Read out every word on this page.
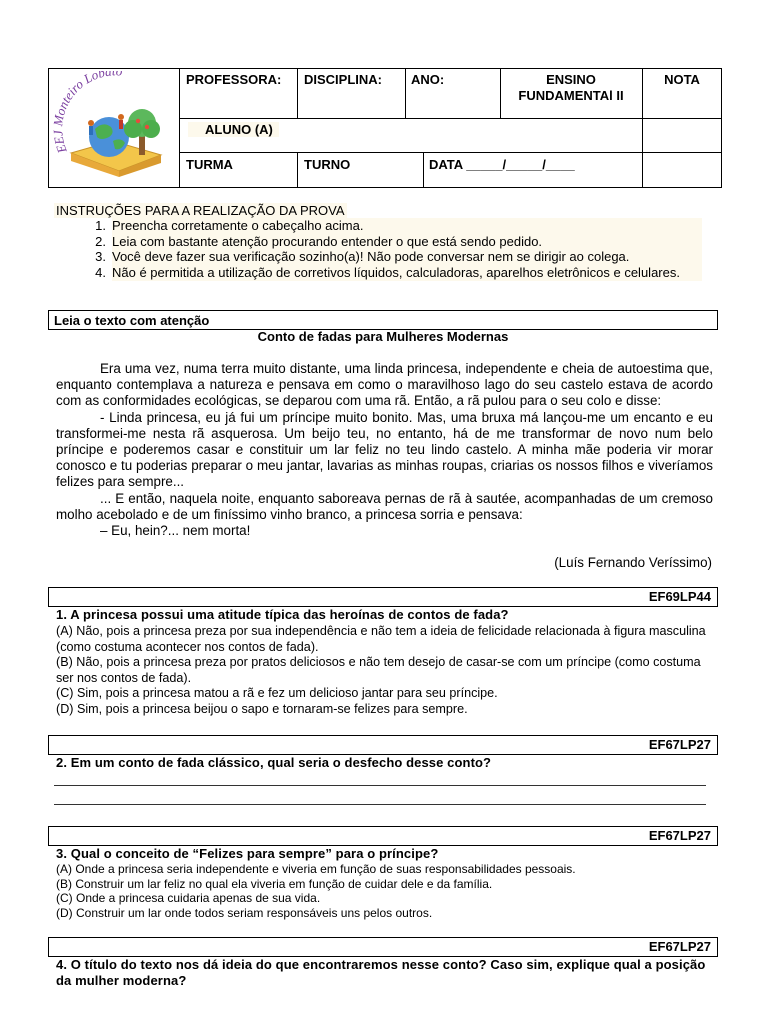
E onteiro Loba
PROFESSORA: DISCIPLINA: ANO:	ENSINO FUNDAMENTAl II
NOTA
ALUNO (A)
TURMA	TURNO	DATA _____/_____/____
INSTRUÇÕES PARA A REALIZAÇÃO DA PROVA
1. Preencha corretamente o cabeçalho acima.
2. Leia com bastante atenção procurando entender o que está sendo pedido.
3. Você deve fazer sua verificação sozinho(a)! Não pode conversar nem se dirigir ao colega.
4. Não é permitida a utilização de corretivos líquidos, calculadoras, aparelhos eletrônicos e celulares.
Leia o texto com atenção
Conto de fadas para Mulheres Modernas

Era uma vez, numa terra muito distante, uma linda princesa, independente e cheia de autoestima que, enquanto contemplava a natureza e pensava em como o maravilhoso lago do seu castelo estava de acordo com as conformidades ecológicas, se deparou com uma rã. Então, a rã pulou para o seu colo e disse:

- Linda princesa, eu já fui um príncipe muito bonito. Mas, uma bruxa má lançou-me um encanto e eu transformei-me nesta rã asquerosa. Um beijo teu, no entanto, há de me transformar de novo num belo príncipe e poderemos casar e constituir um lar feliz no teu lindo castelo. A minha mãe poderia vir morar conosco e tu poderias preparar o meu jantar, lavarias as minhas roupas, criarias os nossos filhos e viveríamos felizes para sempre...

... E então, naquela noite, enquanto saboreava pernas de rã à sautée, acompanhadas de um cremoso molho acebolado e de um finíssimo vinho branco, a princesa sorria e pensava:

– Eu, hein?... nem morta!

(Luís Fernando Veríssimo)
EF69LP44
1. A princesa possui uma atitude típica das heroínas de contos de fada?
(A) Não, pois a princesa preza por sua independência e não tem a ideia de felicidade relacionada à figura masculina (como costuma acontecer nos contos de fada).
(B) Não, pois a princesa preza por pratos deliciosos e não tem desejo de casar-se com um príncipe (como costuma ser nos contos de fada).
(C) Sim, pois a princesa matou a rã e fez um delicioso jantar para seu príncipe.
(D) Sim, pois a princesa beijou o sapo e tornaram-se felizes para sempre.
EF67LP27
2. Em um conto de fada clássico, qual seria o desfecho desse conto?
EF67LP27
3. Qual o conceito de “Felizes para sempre” para o príncipe?
(A) Onde a princesa seria independente e viveria em função de suas responsabilidades pessoais.
(B) Construir um lar feliz no qual ela viveria em função de cuidar dele e da família.
(C) Onde a princesa cuidaria apenas de sua vida.
(D) Construir um lar onde todos seriam responsáveis uns pelos outros.
EF67LP27
4. O título do texto nos dá ideia do que encontraremos nesse conto? Caso sim, explique qual a posição da mulher moderna?
